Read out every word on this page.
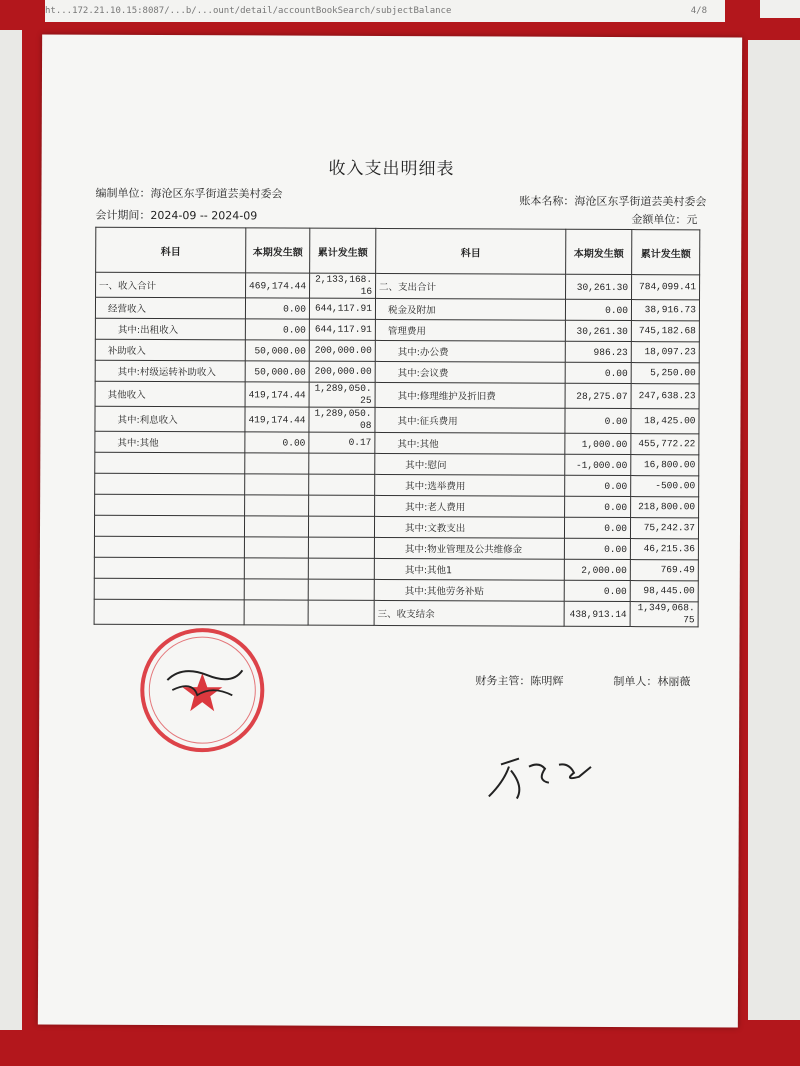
ht...172.21.10.15:8087/...b/...ount/detail/accountBookSearch/subjectBalance	4/8
收入支出明细表
编制单位：海沧区东孚街道芸美村委会
会计期间：2024-09 -- 2024-09
账本名称：海沧区东孚街道芸美村委会
金额单位：元
科目	本期发生额	累计发生额	科目	本期发生额	累计发生额
一、收入合计	469,174.44	2,133,168.16	二、支出合计	30,261.30	784,099.41
经营收入	0.00	644,117.91	税金及附加	0.00	38,916.73
其中:出租收入	0.00	644,117.91	管理费用	30,261.30	745,182.68
补助收入	50,000.00	200,000.00	其中:办公费	986.23	18,097.23
其中:村级运转补助收入	50,000.00	200,000.00	其中:会议费	0.00	5,250.00
其他收入	419,174.44	1,289,050.25	其中:修理维护及折旧费	28,275.07	247,638.23
其中:利息收入	419,174.44	1,289,050.08	其中:征兵费用	0.00	18,425.00
其中:其他	0.00	0.17	其中:其他	1,000.00	455,772.22
			其中:慰问	-1,000.00	16,800.00
			其中:选举费用	0.00	-500.00
			其中:老人费用	0.00	218,800.00
			其中:文教支出	0.00	75,242.37
			其中:物业管理及公共维修金	0.00	46,215.36
			其中:其他1	2,000.00	769.49
			其中:其他劳务补贴	0.00	98,445.00
			三、收支结余	438,913.14	1,349,068.75
财务主管：陈明辉	制单人：林丽薇
